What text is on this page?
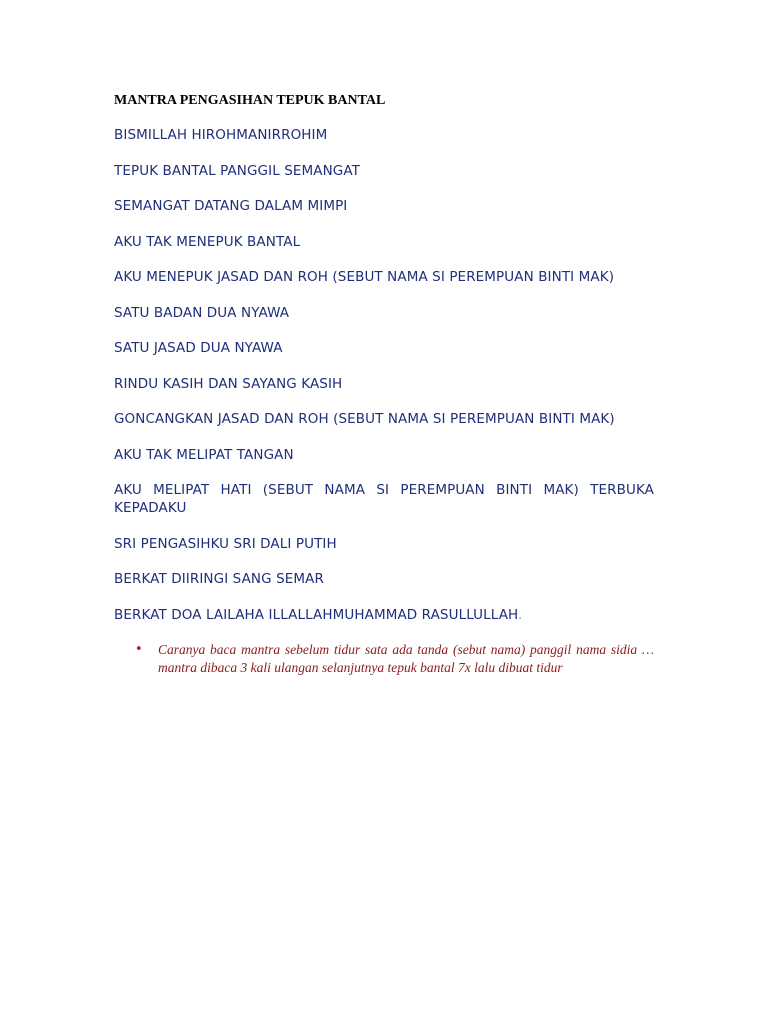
MANTRA PENGASIHAN TEPUK BANTAL
BISMILLAH HIROHMANIRROHIM
TEPUK BANTAL PANGGIL SEMANGAT
SEMANGAT DATANG DALAM MIMPI
AKU TAK MENEPUK BANTAL
AKU MENEPUK JASAD DAN ROH (SEBUT NAMA SI PEREMPUAN BINTI MAK)
SATU BADAN DUA NYAWA
SATU JASAD DUA NYAWA
RINDU KASIH DAN SAYANG KASIH
GONCANGKAN JASAD DAN ROH (SEBUT NAMA SI PEREMPUAN BINTI MAK)
AKU TAK MELIPAT TANGAN
AKU MELIPAT HATI (SEBUT NAMA SI PEREMPUAN BINTI MAK) TERBUKA KEPADAKU
SRI PENGASIHKU SRI DALI PUTIH
BERKAT DIIRINGI SANG SEMAR
BERKAT DOA LAILAHA ILLALLAHMUHAMMAD RASULLULLAH.
• Caranya baca mantra sebelum tidur sata ada tanda (sebut nama) panggil nama sidia …mantra dibaca 3 kali ulangan selanjutnya tepuk bantal 7x lalu dibuat tidur
